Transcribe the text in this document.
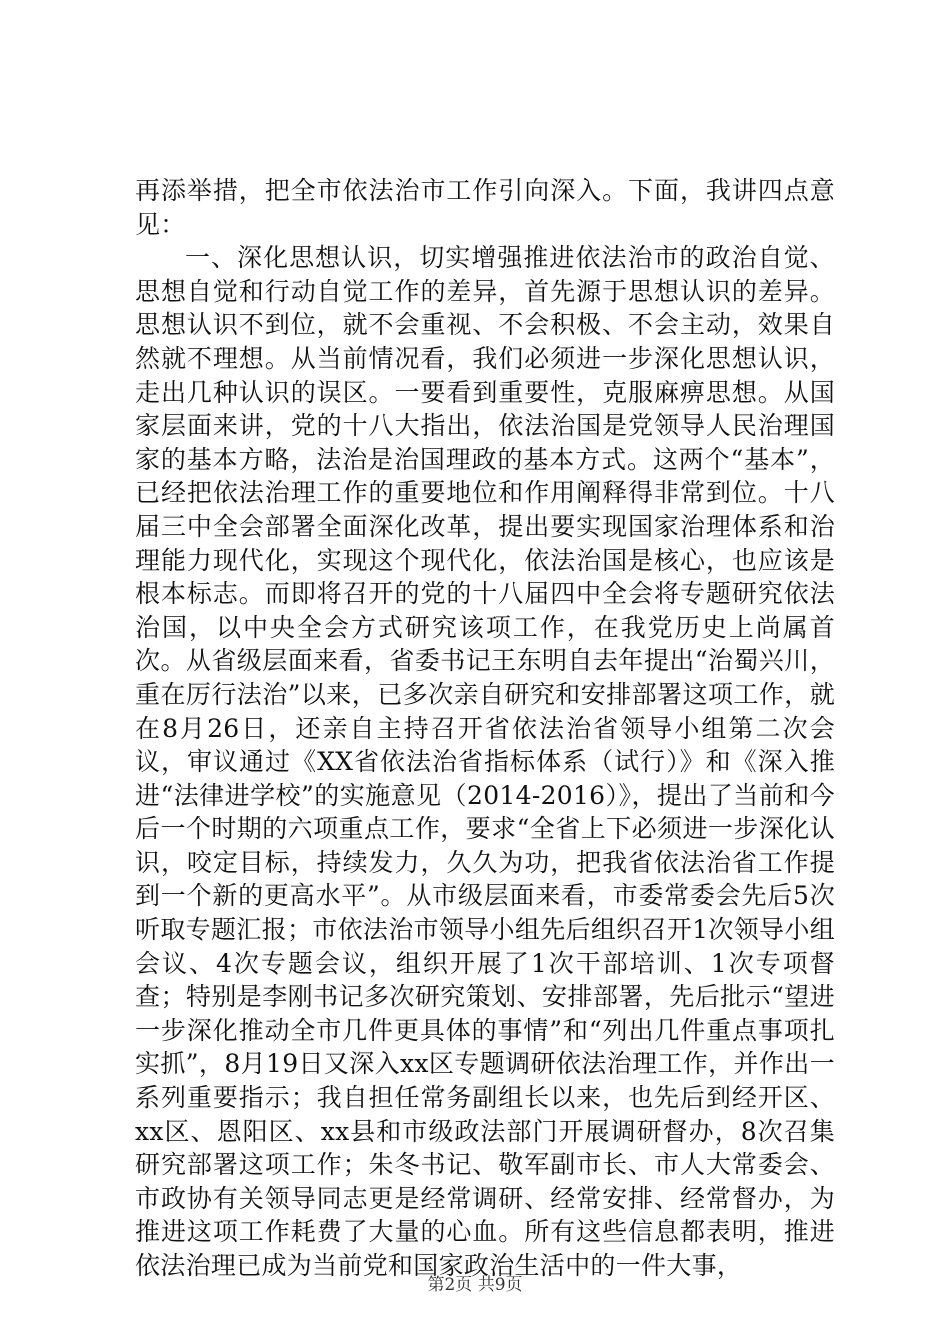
再添举措，把全市依法治市工作引向深入。下面，我讲四点意见：

一、深化思想认识，切实增强推进依法治市的政治自觉、思想自觉和行动自觉工作的差异，首先源于思想认识的差异。思想认识不到位，就不会重视、不会积极、不会主动，效果自然就不理想。从当前情况看，我们必须进一步深化思想认识，走出几种认识的误区。一要看到重要性，克服麻痹思想。从国家层面来讲，党的十八大指出，依法治国是党领导人民治理国家的基本方略，法治是治国理政的基本方式。这两个“基本”，已经把依法治理工作的重要地位和作用阐释得非常到位。十八届三中全会部署全面深化改革，提出要实现国家治理体系和治理能力现代化，实现这个现代化，依法治国是核心，也应该是根本标志。而即将召开的党的十八届四中全会将专题研究依法治国，以中央全会方式研究该项工作，在我党历史上尚属首次。从省级层面来看，省委书记王东明自去年提出“治蜀兴川，重在厉行法治”以来，已多次亲自研究和安排部署这项工作，就在8月26日，还亲自主持召开省依法治省领导小组第二次会议，审议通过《XX省依法治省指标体系（试行）》和《深入推进“法律进学校”的实施意见（2014-2016）》，提出了当前和今后一个时期的六项重点工作，要求“全省上下必须进一步深化认识，咬定目标，持续发力，久久为功，把我省依法治省工作提到一个新的更高水平”。从市级层面来看，市委常委会先后5次听取专题汇报；市依法治市领导小组先后组织召开1次领导小组会议、4次专题会议，组织开展了1次干部培训、1次专项督查；特别是李刚书记多次研究策划、安排部署，先后批示“望进一步深化推动全市几件更具体的事情”和“列出几件重点事项扎实抓”，8月19日又深入xx区专题调研依法治理工作，并作出一系列重要指示；我自担任常务副组长以来，也先后到经开区、xx区、恩阳区、xx县和市级政法部门开展调研督办，8次召集研究部署这项工作；朱冬书记、敬军副市长、市人大常委会、市政协有关领导同志更是经常调研、经常安排、经常督办，为推进这项工作耗费了大量的心血。所有这些信息都表明，推进依法治理已成为当前党和国家政治生活中的一件大事，

第2页 共9页
